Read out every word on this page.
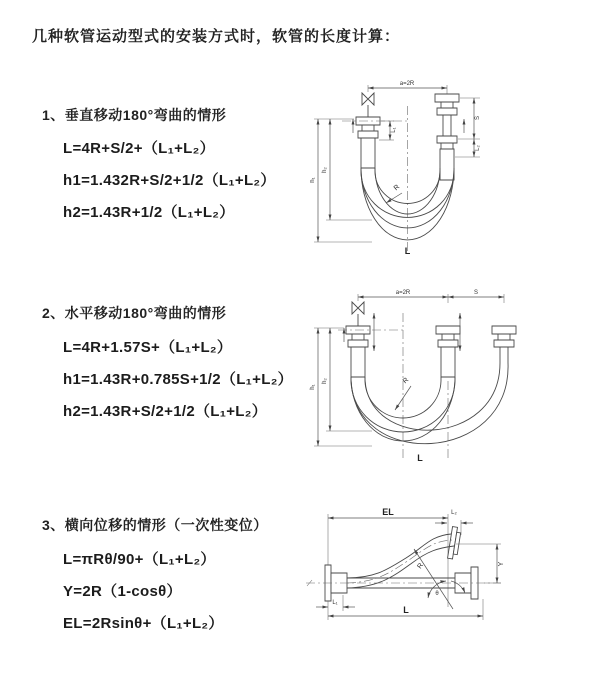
几种软管运动型式的安装方式时，软管的长度计算：
1、垂直移动180°弯曲的情形
L=4R+S/2+（L₁+L₂）
h1=1.432R+S/2+1/2（L₁+L₂）
h2=1.43R+1/2（L₁+L₂）
2、水平移动180°弯曲的情形
L=4R+1.57S+（L₁+L₂）
h1=1.43R+0.785S+1/2（L₁+L₂）
h2=1.43R+S/2+1/2（L₁+L₂）
3、横向位移的情形（一次性变位）
L=πRθ/90+（L₁+L₂）
Y=2R（1-cosθ）
EL=2Rsinθ+（L₁+L₂）
a=2R
L₁
h₁
h₂
S
L₂
R
L
a=2R	S
h₁
h₂	R
L
EL	L₂
R
θ
Y
L
L₁
